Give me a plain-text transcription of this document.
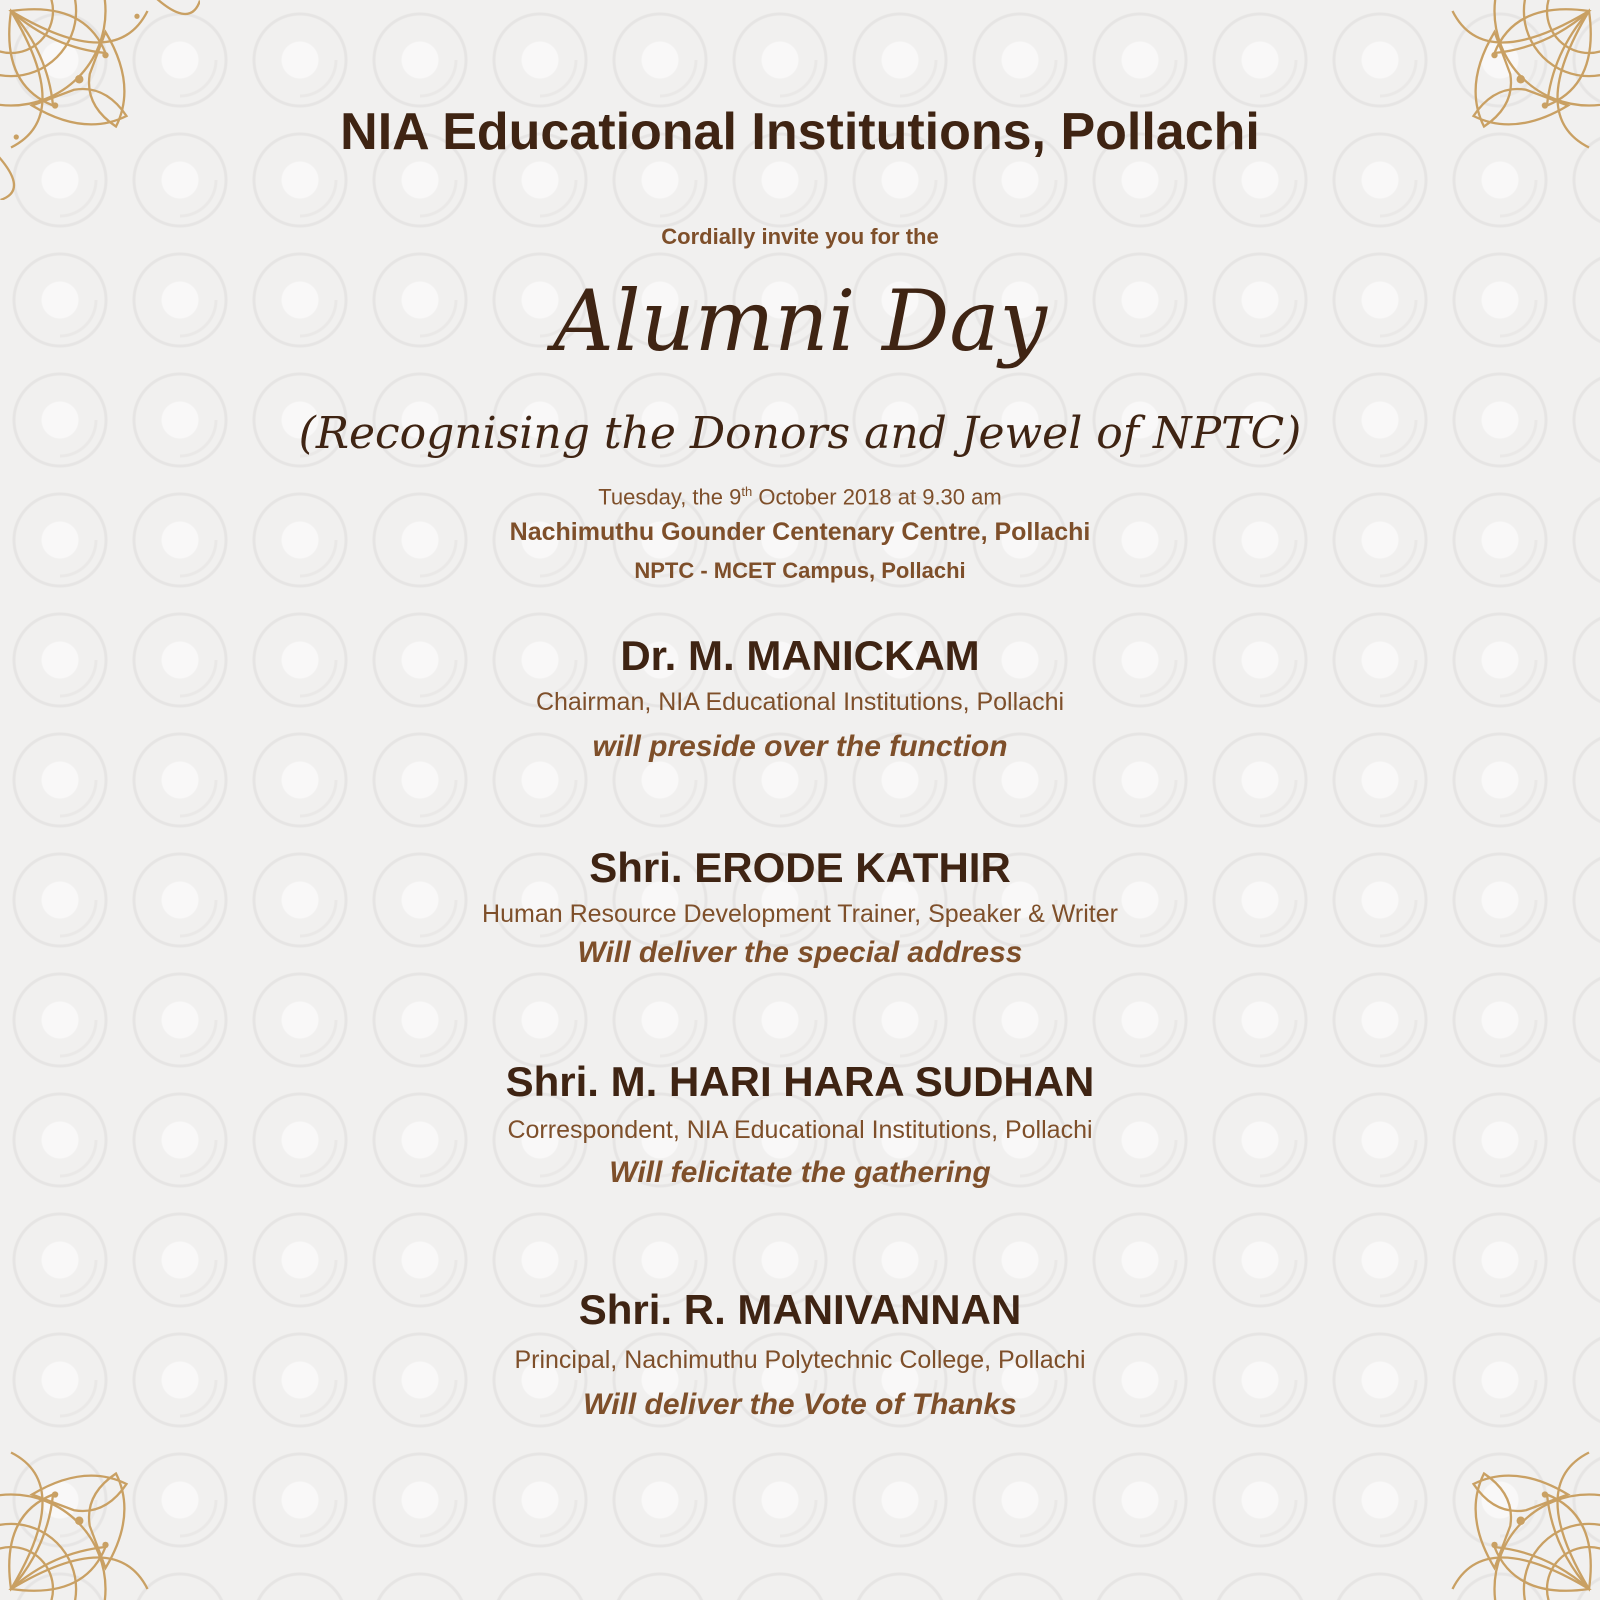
NIA Educational Institutions, Pollachi

Cordially invite you for the

Alumni Day

(Recognising the Donors and Jewel of NPTC)

Tuesday, the 9th October 2018 at 9.30 am

Nachimuthu Gounder Centenary Centre, Pollachi

NPTC - MCET Campus, Pollachi

Dr. M. MANICKAM

Chairman, NIA Educational Institutions, Pollachi

will preside over the function

Shri. ERODE KATHIR

Human Resource Development Trainer, Speaker & Writer

Will deliver the special address

Shri. M. HARI HARA SUDHAN

Correspondent, NIA Educational Institutions, Pollachi

Will felicitate the gathering

Shri. R. MANIVANNAN

Principal, Nachimuthu Polytechnic College, Pollachi

Will deliver the Vote of Thanks
